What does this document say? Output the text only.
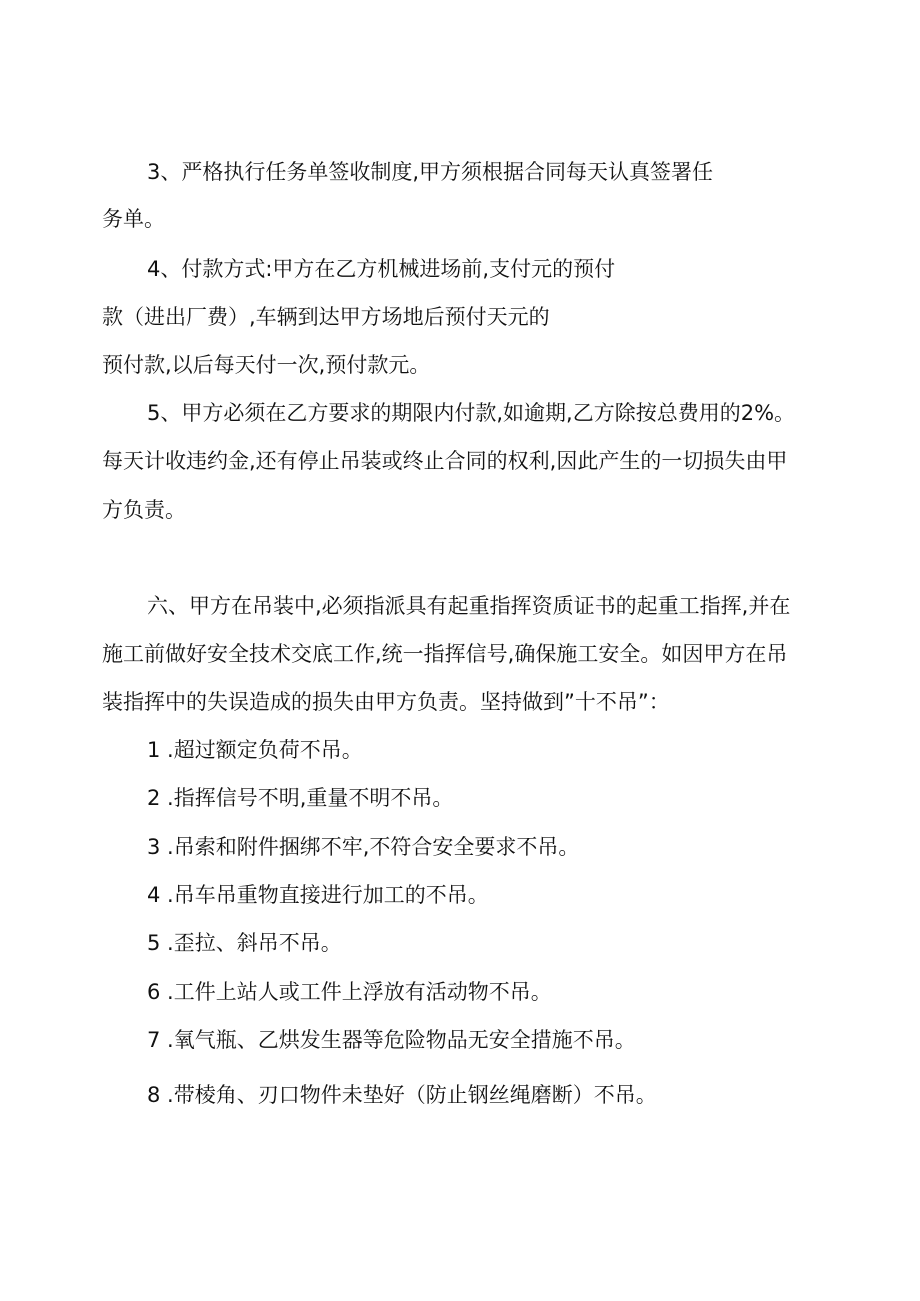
3、严格执行任务单签收制度,甲方须根据合同每天认真签署任
务单。
4、付款方式:甲方在乙方机械进场前,支付元的预付
款（进出厂费）,车辆到达甲方场地后预付天元的
预付款,以后每天付一次,预付款元。
5、甲方必须在乙方要求的期限内付款,如逾期,乙方除按总费用的2%。
每天计收违约金,还有停止吊装或终止合同的权利,因此产生的一切损失由甲
方负责。
六、甲方在吊装中,必须指派具有起重指挥资质证书的起重工指挥,并在
施工前做好安全技术交底工作,统一指挥信号,确保施工安全。如因甲方在吊
装指挥中的失误造成的损失由甲方负责。坚持做到”十不吊”：
1 .超过额定负荷不吊。
2 .指挥信号不明,重量不明不吊。
3 .吊索和附件捆绑不牢,不符合安全要求不吊。
4 .吊车吊重物直接进行加工的不吊。
5 .歪拉、斜吊不吊。
6 .工件上站人或工件上浮放有活动物不吊。
7 .氧气瓶、乙烘发生器等危险物品无安全措施不吊。
8 .带棱角、刃口物件未垫好（防止钢丝绳磨断）不吊。
